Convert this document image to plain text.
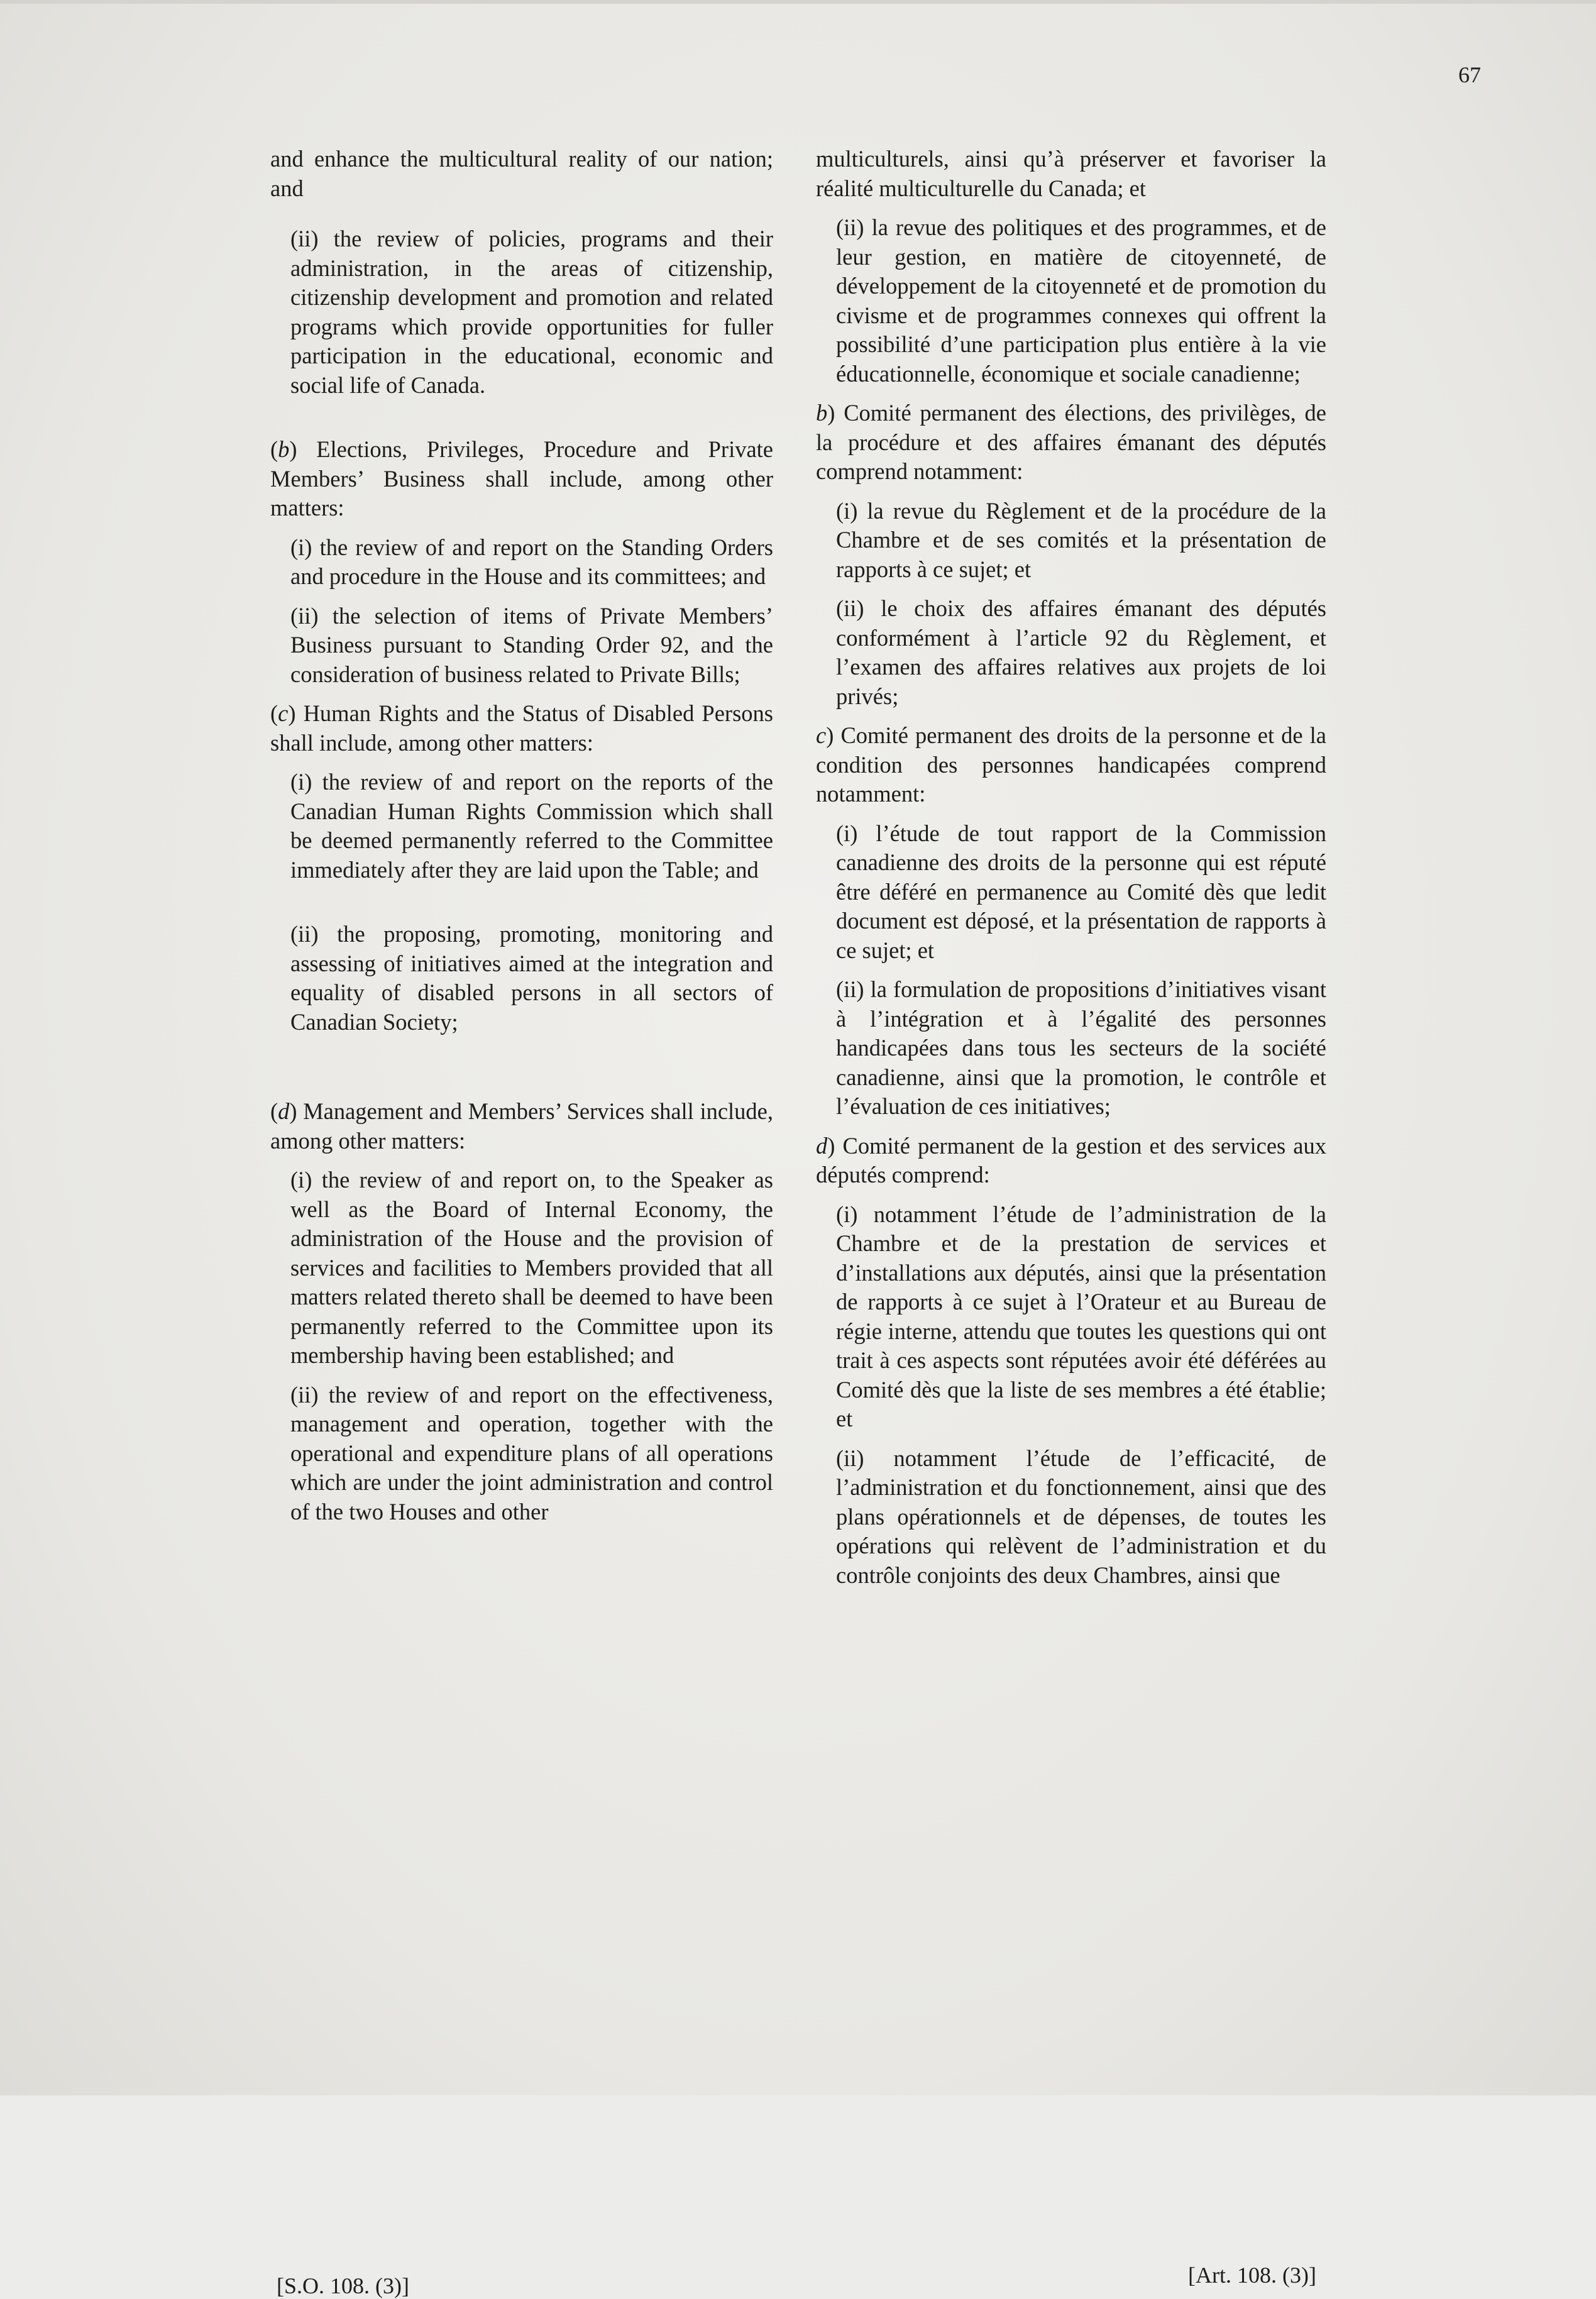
67

and enhance the multicultural reality of our nation; and

(ii) the review of policies, programs and their administration, in the areas of citizenship, citizenship development and promotion and related programs which provide opportunities for fuller participation in the educational, economic and social life of Canada.

(b) Elections, Privileges, Procedure and Private Members’ Business shall include, among other matters:

(i) the review of and report on the Standing Orders and procedure in the House and its committees; and

(ii) the selection of items of Private Members’ Business pursuant to Standing Order 92, and the consideration of business related to Private Bills;

(c) Human Rights and the Status of Disabled Persons shall include, among other matters:

(i) the review of and report on the reports of the Canadian Human Rights Commission which shall be deemed permanently referred to the Committee immediately after they are laid upon the Table; and

(ii) the proposing, promoting, monitoring and assessing of initiatives aimed at the integration and equality of disabled persons in all sectors of Canadian Society;

(d) Management and Members’ Services shall include, among other matters:

(i) the review of and report on, to the Speaker as well as the Board of Internal Economy, the administration of the House and the provision of services and facilities to Members provided that all matters related thereto shall be deemed to have been permanently referred to the Committee upon its membership having been established; and

(ii) the review of and report on the effectiveness, management and operation, together with the operational and expenditure plans of all operations which are under the joint administration and control of the two Houses and other

multiculturels, ainsi qu’à préserver et favoriser la réalité multiculturelle du Canada; et

(ii) la revue des politiques et des programmes, et de leur gestion, en matière de citoyenneté, de développement de la citoyenneté et de promotion du civisme et de programmes connexes qui offrent la possibilité d’une participation plus entière à la vie éducationnelle, économique et sociale canadienne;

b) Comité permanent des élections, des privilèges, de la procédure et des affaires émanant des députés comprend notamment:

(i) la revue du Règlement et de la procédure de la Chambre et de ses comités et la présentation de rapports à ce sujet; et

(ii) le choix des affaires émanant des députés conformément à l’article 92 du Règlement, et l’examen des affaires relatives aux projets de loi privés;

c) Comité permanent des droits de la personne et de la condition des personnes handicapées comprend notamment:

(i) l’étude de tout rapport de la Commission canadienne des droits de la personne qui est réputé être déféré en permanence au Comité dès que ledit document est déposé, et la présentation de rapports à ce sujet; et

(ii) la formulation de propositions d’initiatives visant à l’intégration et à l’égalité des personnes handicapées dans tous les secteurs de la société canadienne, ainsi que la promotion, le contrôle et l’évaluation de ces initiatives;

d) Comité permanent de la gestion et des services aux députés comprend:

(i) notamment l’étude de l’administration de la Chambre et de la prestation de services et d’installations aux députés, ainsi que la présentation de rapports à ce sujet à l’Orateur et au Bureau de régie interne, attendu que toutes les questions qui ont trait à ces aspects sont réputées avoir été déférées au Comité dès que la liste de ses membres a été établie; et

(ii) notamment l’étude de l’efficacité, de l’administration et du fonctionnement, ainsi que des plans opérationnels et de dépenses, de toutes les opérations qui relèvent de l’administration et du contrôle conjoints des deux Chambres, ainsi que

[S.O. 108. (3)]	[Art. 108. (3)]
